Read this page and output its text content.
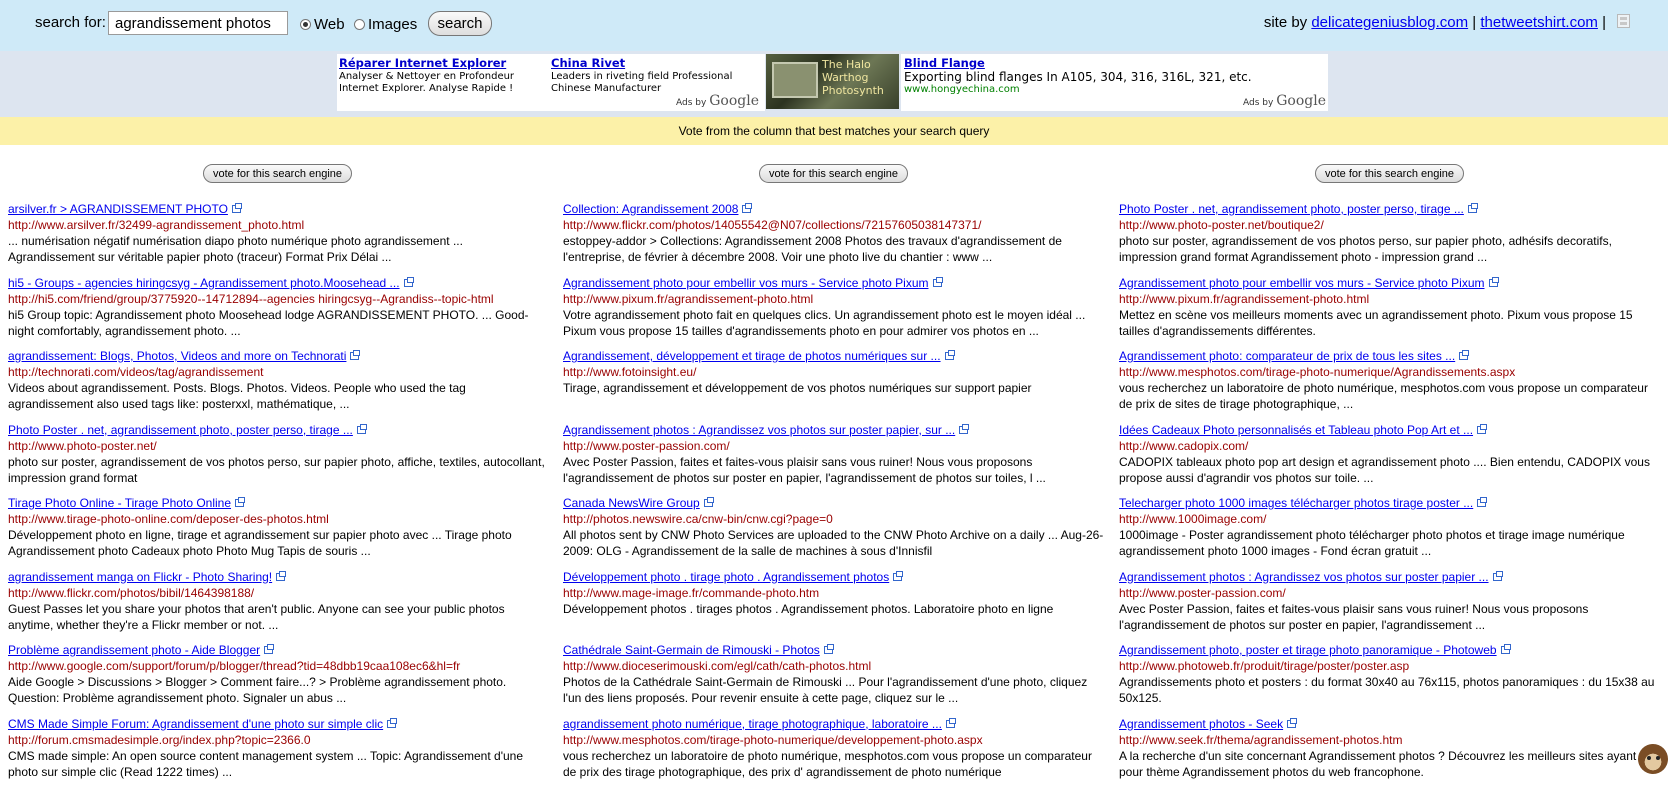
search for:
agrandissement photos	Web Images	search	site by delicategeniusblog.com | thetweetshirt.com |
Réparer Internet Explorer
Analyser & Nettoyer en Profondeur Internet Explorer. Analyse Rapide !
China Rivet
Leaders in riveting field Professional Chinese Manufacturer
Ads by Google
The Halo Warthog Photosynth
Blind Flange
Exporting blind flanges In A105, 304, 316, 316L, 321, etc.
www.hongyechina.com
Ads by Google
Vote from the column that best matches your search query
vote for this search engine	vote for this search engine	vote for this search engine
arsilver.fr > AGRANDISSEMENT PHOTO
http://www.arsilver.fr/32499-agrandissement_photo.html
... numérisation négatif numérisation diapo photo numérique photo agrandissement ... Agrandissement sur véritable papier photo (traceur) Format Prix Délai ...
hi5 - Groups - agencies hiringcsyg - Agrandissement photo.Moosehead ...
http://hi5.com/friend/group/3775920--14712894--agencies hiringcsyg--Agrandiss--topic-html
hi5 Group topic: Agrandissement photo Moosehead lodge AGRANDISSEMENT PHOTO. ... Good-night comfortably, agrandissement photo. ...
agrandissement: Blogs, Photos, Videos and more on Technorati
http://technorati.com/videos/tag/agrandissement
Videos about agrandissement. Posts. Blogs. Photos. Videos. People who used the tag agrandissement also used tags like: posterxxl, mathématique, ...
Photo Poster . net, agrandissement photo, poster perso, tirage ...
http://www.photo-poster.net/
photo sur poster, agrandissement de vos photos perso, sur papier photo, affiche, textiles, autocollant, impression grand format
Tirage Photo Online - Tirage Photo Online
http://www.tirage-photo-online.com/deposer-des-photos.html
Développement photo en ligne, tirage et agrandissement sur papier photo avec ... Tirage photo Agrandissement photo Cadeaux photo Photo Mug Tapis de souris ...
agrandissement manga on Flickr - Photo Sharing!
http://www.flickr.com/photos/bibil/1464398188/
Guest Passes let you share your photos that aren't public. Anyone can see your public photos anytime, whether they're a Flickr member or not. ...
Problème agrandissement photo - Aide Blogger
http://www.google.com/support/forum/p/blogger/thread?tid=48dbb19caa108ec6&hl=fr
Aide Google > Discussions > Blogger > Comment faire...? > Problème agrandissement photo. Question: Problème agrandissement photo. Signaler un abus ...
CMS Made Simple Forum: Agrandissement d'une photo sur simple clic
http://forum.cmsmadesimple.org/index.php?topic=2366.0
CMS made simple: An open source content management system ... Topic: Agrandissement d'une photo sur simple clic (Read 1222 times) ...
Collection: Agrandissement 2008
http://www.flickr.com/photos/14055542@N07/collections/72157605038147371/
estoppey-addor > Collections: Agrandissement 2008 Photos des travaux d'agrandissement de l'entreprise, de février à décembre 2008. Voir une photo live du chantier : www ...
Agrandissement photo pour embellir vos murs - Service photo Pixum
http://www.pixum.fr/agrandissement-photo.html
Votre agrandissement photo fait en quelques clics. Un agrandissement photo est le moyen idéal ... Pixum vous propose 15 tailles d'agrandissements photo en pour admirer vos photos en ...
Agrandissement, développement et tirage de photos numériques sur ...
http://www.fotoinsight.eu/
Tirage, agrandissement et développement de vos photos numériques sur support papier
Agrandissement photos : Agrandissez vos photos sur poster papier, sur ...
http://www.poster-passion.com/
Avec Poster Passion, faites et faites-vous plaisir sans vous ruiner! Nous vous proposons l'agrandissement de photos sur poster en papier, l'agrandissement de photos sur toiles, l ...
Canada NewsWire Group
http://photos.newswire.ca/cnw-bin/cnw.cgi?page=0
All photos sent by CNW Photo Services are uploaded to the CNW Photo Archive on a daily ... Aug-26-2009: OLG - Agrandissement de la salle de machines à sous d'Innisfil
Développement photo . tirage photo . Agrandissement photos
http://www.mage-image.fr/commande-photo.htm
Développement photos . tirages photos . Agrandissement photos. Laboratoire photo en ligne
Cathédrale Saint-Germain de Rimouski - Photos
http://www.dioceserimouski.com/egl/cath/cath-photos.html
Photos de la Cathédrale Saint-Germain de Rimouski ... Pour l'agrandissement d'une photo, cliquez l'un des liens proposés. Pour revenir ensuite à cette page, cliquez sur le ...
agrandissement photo numérique, tirage photographique, laboratoire ...
http://www.mesphotos.com/tirage-photo-numerique/developpement-photo.aspx
vous recherchez un laboratoire de photo numérique, mesphotos.com vous propose un comparateur de prix des tirage photographique, des prix d' agrandissement de photo numérique
Photo Poster . net, agrandissement photo, poster perso, tirage ...
http://www.photo-poster.net/boutique2/
photo sur poster, agrandissement de vos photos perso, sur papier photo, adhésifs decoratifs, impression grand format Agrandissement photo - impression grand ...
Agrandissement photo pour embellir vos murs - Service photo Pixum
http://www.pixum.fr/agrandissement-photo.html
Mettez en scène vos meilleurs moments avec un agrandissement photo. Pixum vous propose 15 tailles d'agrandissements différentes.
Agrandissement photo: comparateur de prix de tous les sites ...
http://www.mesphotos.com/tirage-photo-numerique/Agrandissements.aspx
vous recherchez un laboratoire de photo numérique, mesphotos.com vous propose un comparateur de prix de sites de tirage photographique, ...
Idées Cadeaux Photo personnalisés et Tableau photo Pop Art et ...
http://www.cadopix.com/
CADOPIX tableaux photo pop art design et agrandissement photo .... Bien entendu, CADOPIX vous propose aussi d'agrandir vos photos sur toile. ...
Telecharger photo 1000 images télécharger photos tirage poster ...
http://www.1000image.com/
1000image - Poster agrandissement photo télécharger photo photos et tirage image numérique agrandissement photo 1000 images - Fond écran gratuit ...
Agrandissement photos : Agrandissez vos photos sur poster papier ...
http://www.poster-passion.com/
Avec Poster Passion, faites et faites-vous plaisir sans vous ruiner! Nous vous proposons l'agrandissement de photos sur poster en papier, l'agrandissement ...
Agrandissement photo, poster et tirage photo panoramique - Photoweb
http://www.photoweb.fr/produit/tirage/poster/poster.asp
Agrandissements photo et posters : du format 30x40 au 76x115, photos panoramiques : du 15x38 au 50x125.
Agrandissement photos - Seek
http://www.seek.fr/thema/agrandissement-photos.htm
A la recherche d'un site concernant Agrandissement photos ? Découvrez les meilleurs sites ayant pour thème Agrandissement photos du web francophone.
